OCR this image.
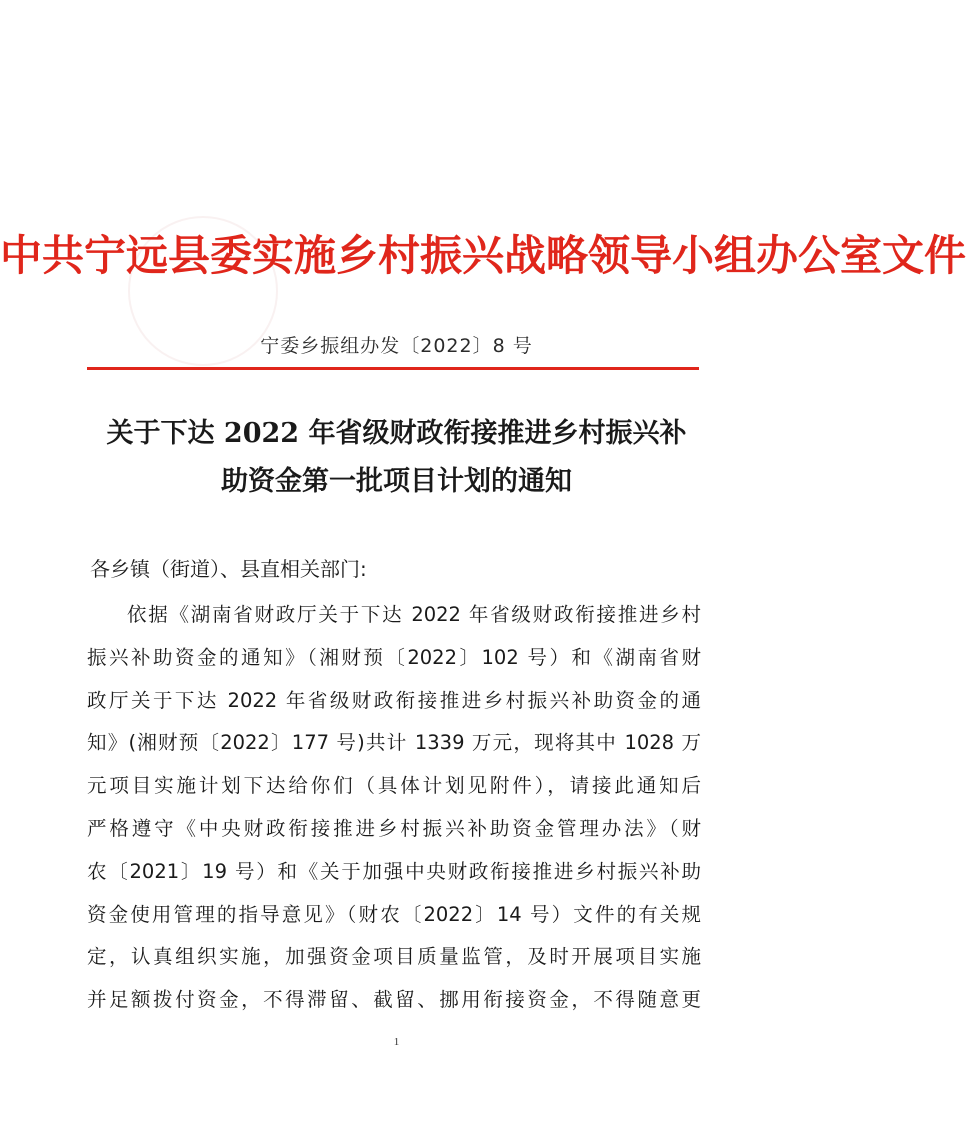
中共宁远县委实施乡村振兴战略领导小组办公室文件
宁委乡振组办发〔2022〕8 号
关于下达 2022 年省级财政衔接推进乡村振兴补
助资金第一批项目计划的通知
各乡镇（街道）、县直相关部门:
依据《湖南省财政厅关于下达 2022 年省级财政衔接推进乡村
振兴补助资金的通知》（湘财预〔2022〕102 号）和《湖南省财
政厅关于下达 2022 年省级财政衔接推进乡村振兴补助资金的通
知》(湘财预〔2022〕177 号)共计 1339 万元，现将其中 1028 万
元项目实施计划下达给你们（具体计划见附件），请接此通知后
严格遵守《中央财政衔接推进乡村振兴补助资金管理办法》（财
农〔2021〕19 号）和《关于加强中央财政衔接推进乡村振兴补助
资金使用管理的指导意见》（财农〔2022〕14 号）文件的有关规
定，认真组织实施，加强资金项目质量监管，及时开展项目实施
并足额拨付资金，不得滞留、截留、挪用衔接资金，不得随意更
1
